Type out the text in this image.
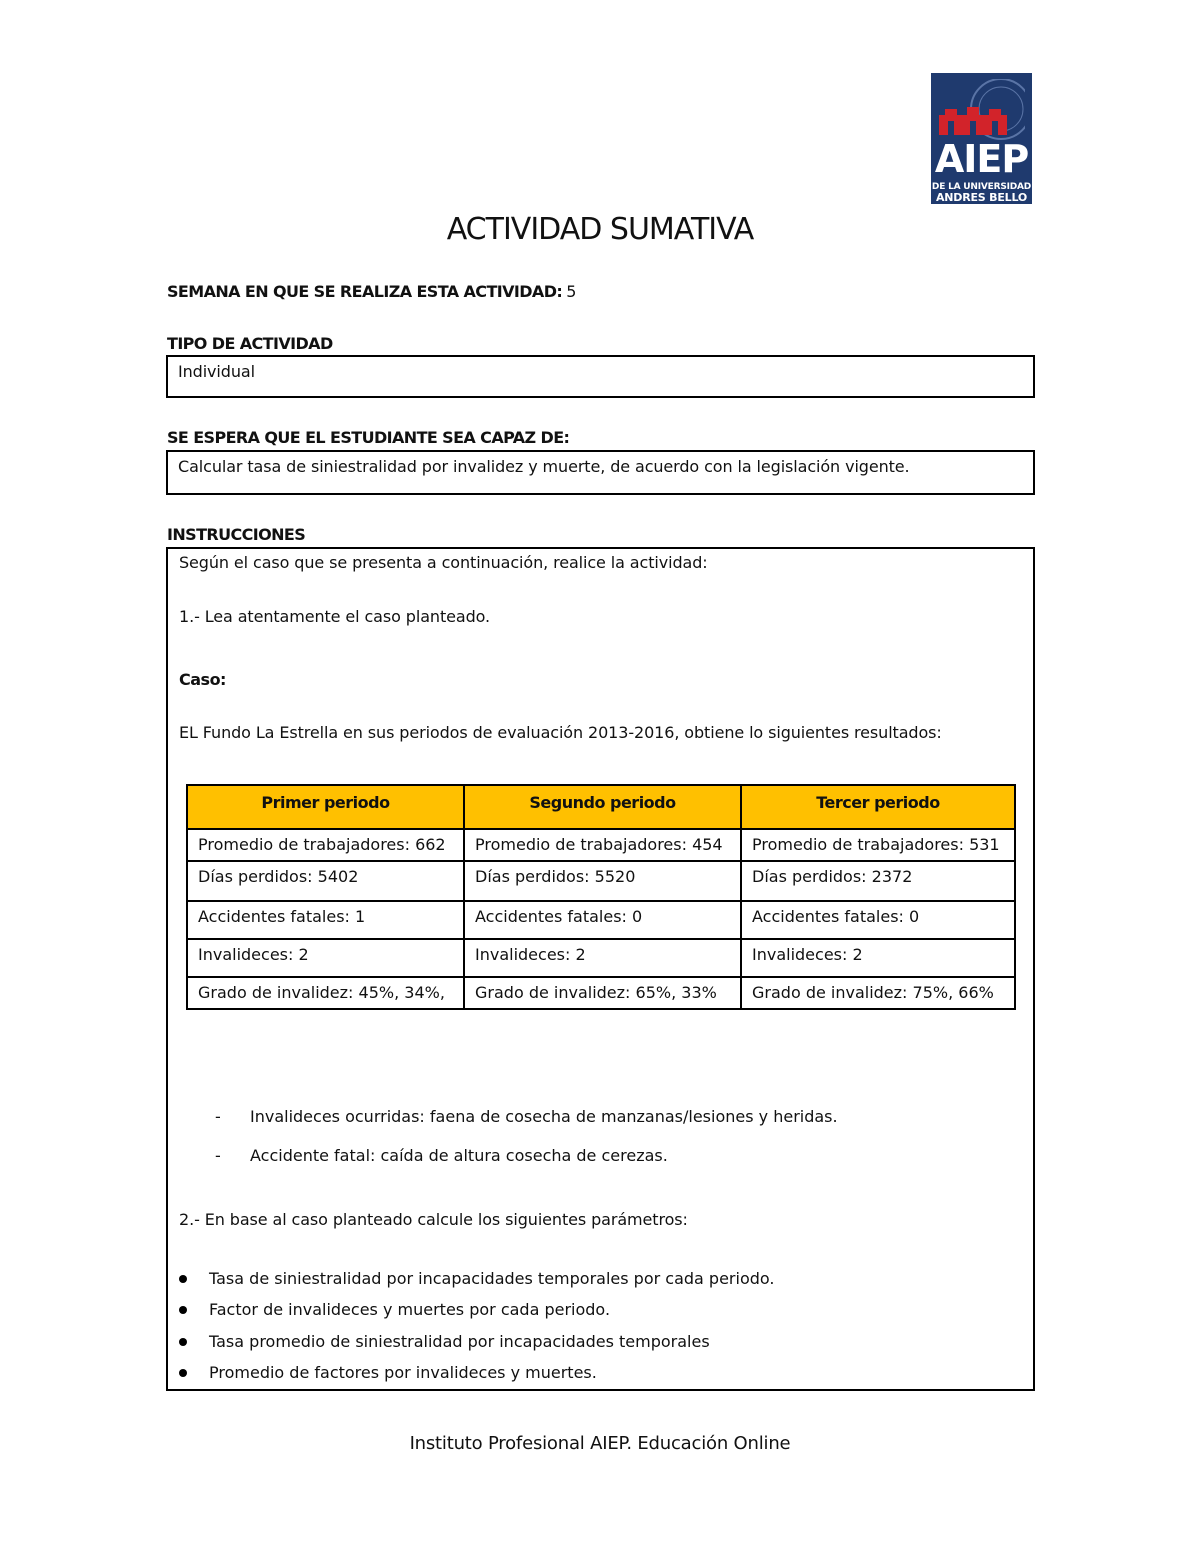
AIEP
DE LA UNIVERSIDAD
ANDRES BELLO
ACTIVIDAD SUMATIVA
SEMANA EN QUE SE REALIZA ESTA ACTIVIDAD: 5
TIPO DE ACTIVIDAD
Individual
SE ESPERA QUE EL ESTUDIANTE SEA CAPAZ DE:
Calcular tasa de siniestralidad por invalidez y muerte, de acuerdo con la legislación vigente.
INSTRUCCIONES
Según el caso que se presenta a continuación, realice la actividad:
1.- Lea atentamente el caso planteado.
Caso:
EL Fundo La Estrella en sus periodos de evaluación 2013-2016, obtiene lo siguientes resultados:
Primer periodo	Segundo periodo	Tercer periodo
Promedio de trabajadores: 662	Promedio de trabajadores: 454	Promedio de trabajadores: 531
Días perdidos: 5402	Días perdidos: 5520	Días perdidos: 2372
Accidentes fatales: 1	Accidentes fatales: 0	Accidentes fatales: 0
Invalideces: 2	Invalideces: 2	Invalideces: 2
Grado de invalidez: 45%, 34%,	Grado de invalidez: 65%, 33%	Grado de invalidez: 75%, 66%
- Invalideces ocurridas: faena de cosecha de manzanas/lesiones y heridas.
- Accidente fatal: caída de altura cosecha de cerezas.
2.- En base al caso planteado calcule los siguientes parámetros:
Tasa de siniestralidad por incapacidades temporales por cada periodo.
Factor de invalideces y muertes por cada periodo.
Tasa promedio de siniestralidad por incapacidades temporales
Promedio de factores por invalideces y muertes.
Instituto Profesional AIEP. Educación Online
